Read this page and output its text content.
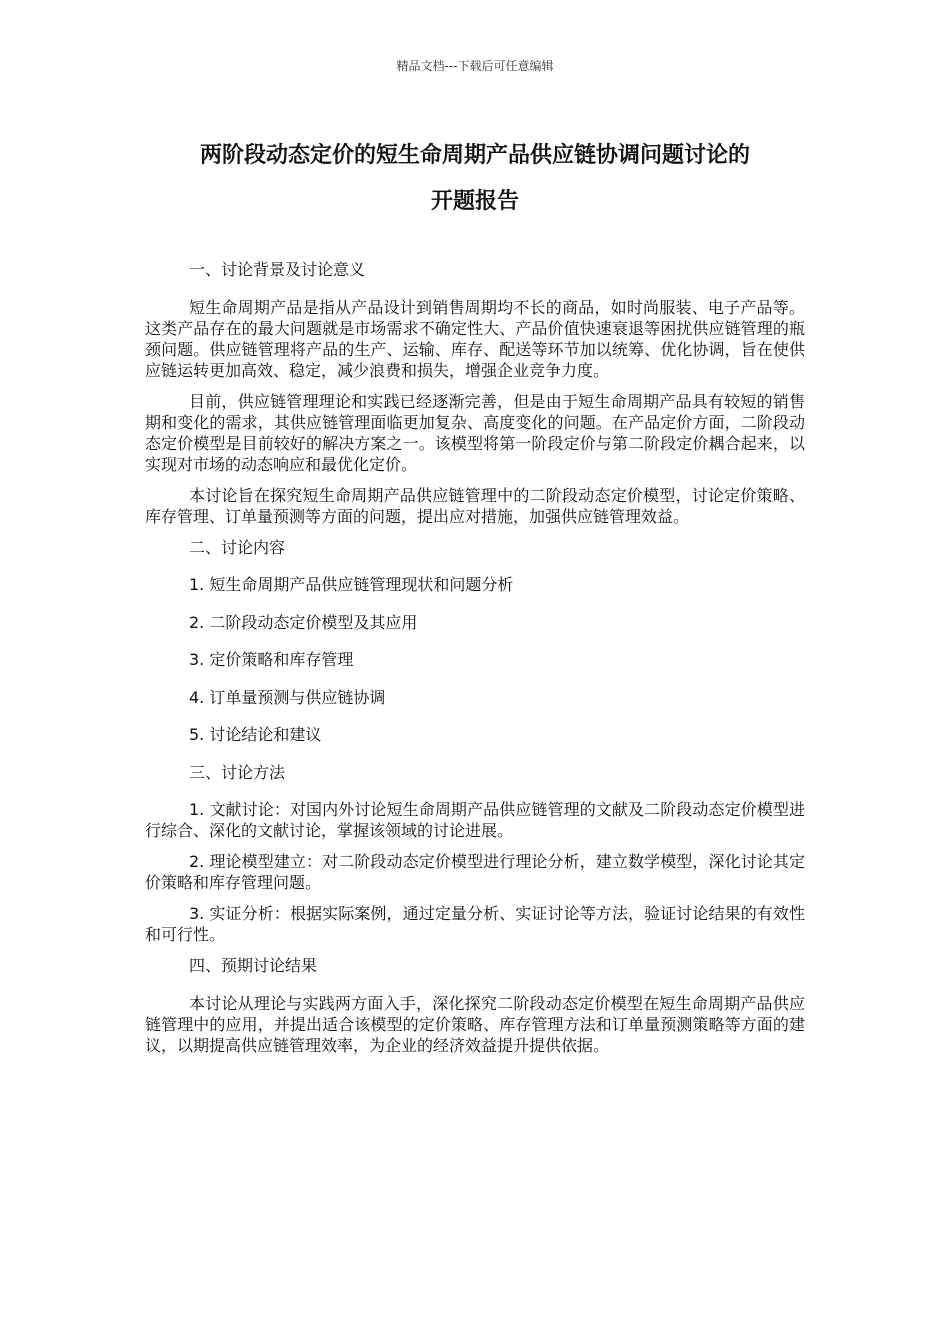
精品文档---下载后可任意编辑
两阶段动态定价的短生命周期产品供应链协调问题讨论的
开题报告

一、讨论背景及讨论意义

短生命周期产品是指从产品设计到销售周期均不长的商品，如时尚服装、电子产品等。这类产品存在的最大问题就是市场需求不确定性大、产品价值快速衰退等困扰供应链管理的瓶颈问题。供应链管理将产品的生产、运输、库存、配送等环节加以统筹、优化协调，旨在使供应链运转更加高效、稳定，减少浪费和损失，增强企业竞争力度。

目前，供应链管理理论和实践已经逐渐完善，但是由于短生命周期产品具有较短的销售期和变化的需求，其供应链管理面临更加复杂、高度变化的问题。在产品定价方面，二阶段动态定价模型是目前较好的解决方案之一。该模型将第一阶段定价与第二阶段定价耦合起来，以实现对市场的动态响应和最优化定价。

本讨论旨在探究短生命周期产品供应链管理中的二阶段动态定价模型，讨论定价策略、库存管理、订单量预测等方面的问题，提出应对措施，加强供应链管理效益。

二、讨论内容

1. 短生命周期产品供应链管理现状和问题分析

2. 二阶段动态定价模型及其应用

3. 定价策略和库存管理

4. 订单量预测与供应链协调

5. 讨论结论和建议

三、讨论方法

1. 文献讨论：对国内外讨论短生命周期产品供应链管理的文献及二阶段动态定价模型进行综合、深化的文献讨论，掌握该领域的讨论进展。

2. 理论模型建立：对二阶段动态定价模型进行理论分析，建立数学模型，深化讨论其定价策略和库存管理问题。

3. 实证分析：根据实际案例，通过定量分析、实证讨论等方法，验证讨论结果的有效性和可行性。

四、预期讨论结果

本讨论从理论与实践两方面入手，深化探究二阶段动态定价模型在短生命周期产品供应链管理中的应用，并提出适合该模型的定价策略、库存管理方法和订单量预测策略等方面的建议，以期提高供应链管理效率，为企业的经济效益提升提供依据。
